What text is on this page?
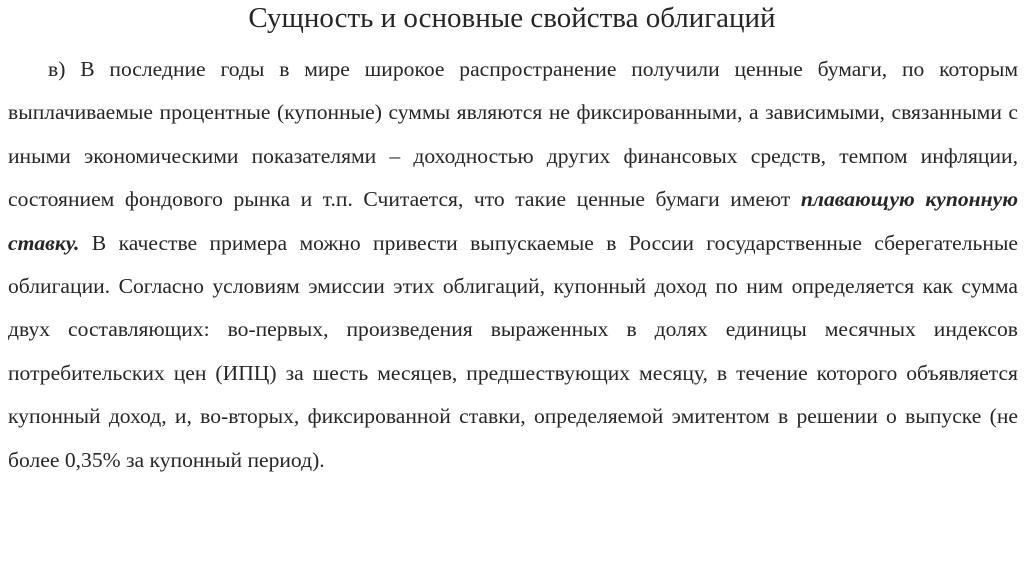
Сущность и основные свойства облигаций

в) В последние годы в мире широкое распространение получили ценные бумаги, по которым выплачиваемые процентные (купонные) суммы являются не фиксированными, а зависимыми, связанными с иными экономическими показателями – доходностью других финансовых средств, темпом инфляции, состоянием фондового рынка и т.п. Считается, что такие ценные бумаги имеют плавающую купонную ставку. В качестве примера можно привести выпускаемые в России государственные сберегательные облигации. Согласно условиям эмиссии этих облигаций, купонный доход по ним определяется как сумма двух составляющих: во-первых, произведения выраженных в долях единицы месячных индексов потребительских цен (ИПЦ) за шесть месяцев, предшествующих месяцу, в течение которого объявляется купонный доход, и, во-вторых, фиксированной ставки, определяемой эмитентом в решении о выпуске (не более 0,35% за купонный период).
